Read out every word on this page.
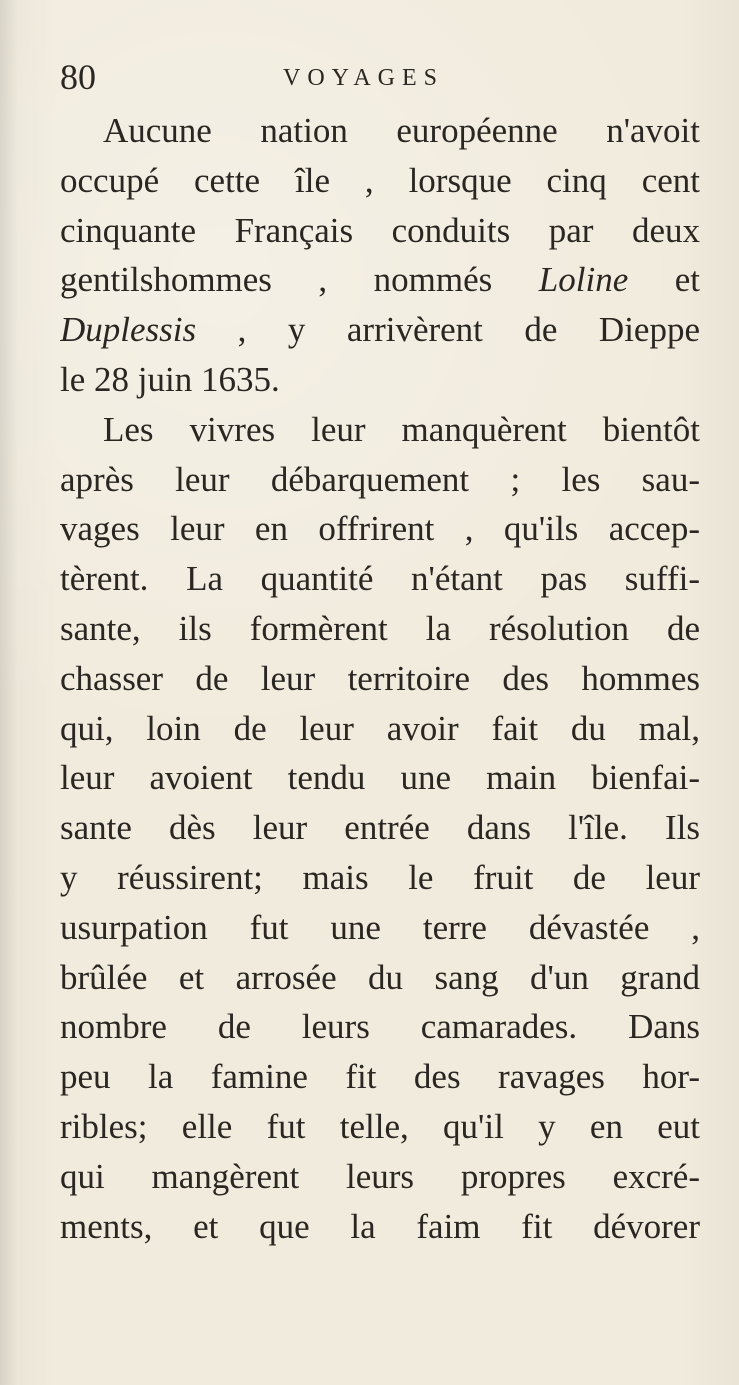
80	VOYAGES
Aucune nation européenne n'avoit
occupé cette île , lorsque cinq cent
cinquante Français conduits par deux
gentilshommes , nommés Loline et
Duplessis , y arrivèrent de Dieppe
le 28 juin 1635.
Les vivres leur manquèrent bientôt
après leur débarquement ; les sau-
vages leur en offrirent , qu'ils accep-
tèrent. La quantité n'étant pas suffi-
sante, ils formèrent la résolution de
chasser de leur territoire des hommes
qui, loin de leur avoir fait du mal,
leur avoient tendu une main bienfai-
sante dès leur entrée dans l'île. Ils
y réussirent; mais le fruit de leur
usurpation fut une terre dévastée ,
brûlée et arrosée du sang d'un grand
nombre de leurs camarades. Dans
peu la famine fit des ravages hor-
ribles; elle fut telle, qu'il y en eut
qui mangèrent leurs propres excré-
ments, et que la faim fit dévorer
